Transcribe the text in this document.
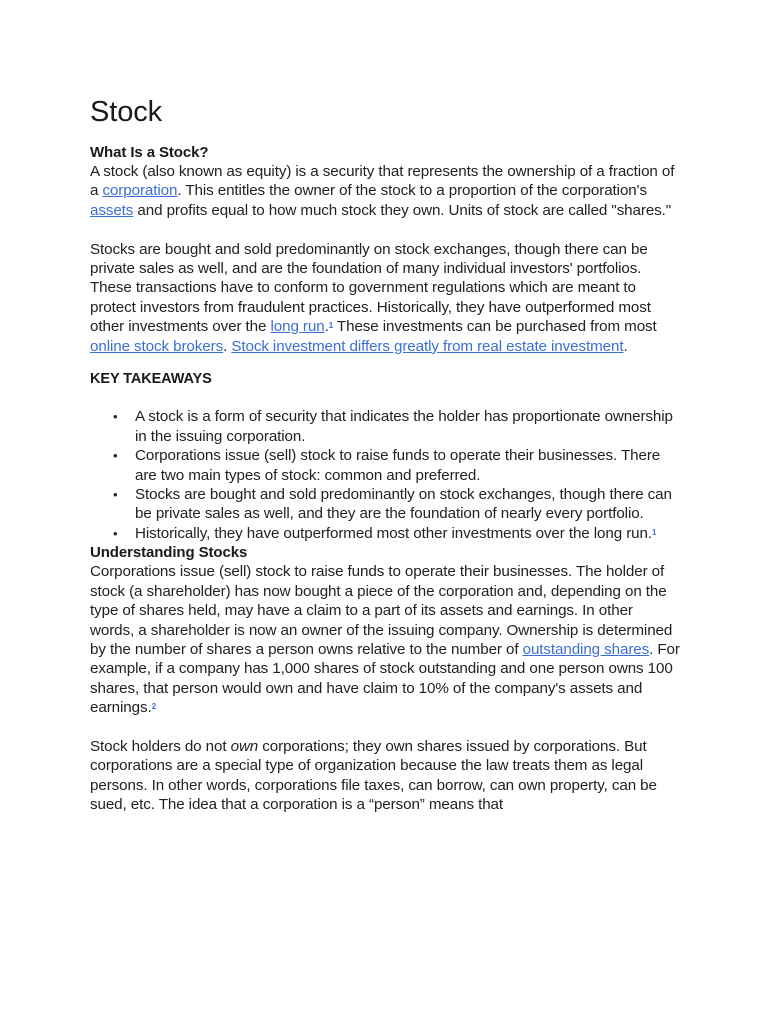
Stock
What Is a Stock?

A stock (also known as equity) is a security that represents the ownership of a fraction of a corporation. This entitles the owner of the stock to a proportion of the corporation's assets and profits equal to how much stock they own. Units of stock are called "shares."

Stocks are bought and sold predominantly on stock exchanges, though there can be private sales as well, and are the foundation of many individual investors' portfolios. These transactions have to conform to government regulations which are meant to protect investors from fraudulent practices. Historically, they have outperformed most other investments over the long run.$^1$ These investments can be purchased from most online stock brokers. Stock investment differs greatly from real estate investment.

KEY TAKEAWAYS
• A stock is a form of security that indicates the holder has proportionate ownership in the issuing corporation.
• Corporations issue (sell) stock to raise funds to operate their businesses. There are two main types of stock: common and preferred.
• Stocks are bought and sold predominantly on stock exchanges, though there can be private sales as well, and they are the foundation of nearly every portfolio.
• Historically, they have outperformed most other investments over the long run.$^1$
Understanding Stocks

Corporations issue (sell) stock to raise funds to operate their businesses. The holder of stock (a shareholder) has now bought a piece of the corporation and, depending on the type of shares held, may have a claim to a part of its assets and earnings. In other words, a shareholder is now an owner of the issuing company. Ownership is determined by the number of shares a person owns relative to the number of outstanding shares. For example, if a company has 1,000 shares of stock outstanding and one person owns 100 shares, that person would own and have claim to 10% of the company's assets and earnings.$^2$

Stock holders do not own corporations; they own shares issued by corporations. But corporations are a special type of organization because the law treats them as legal persons. In other words, corporations file taxes, can borrow, can own property, can be sued, etc. The idea that a corporation is a “person” means that
